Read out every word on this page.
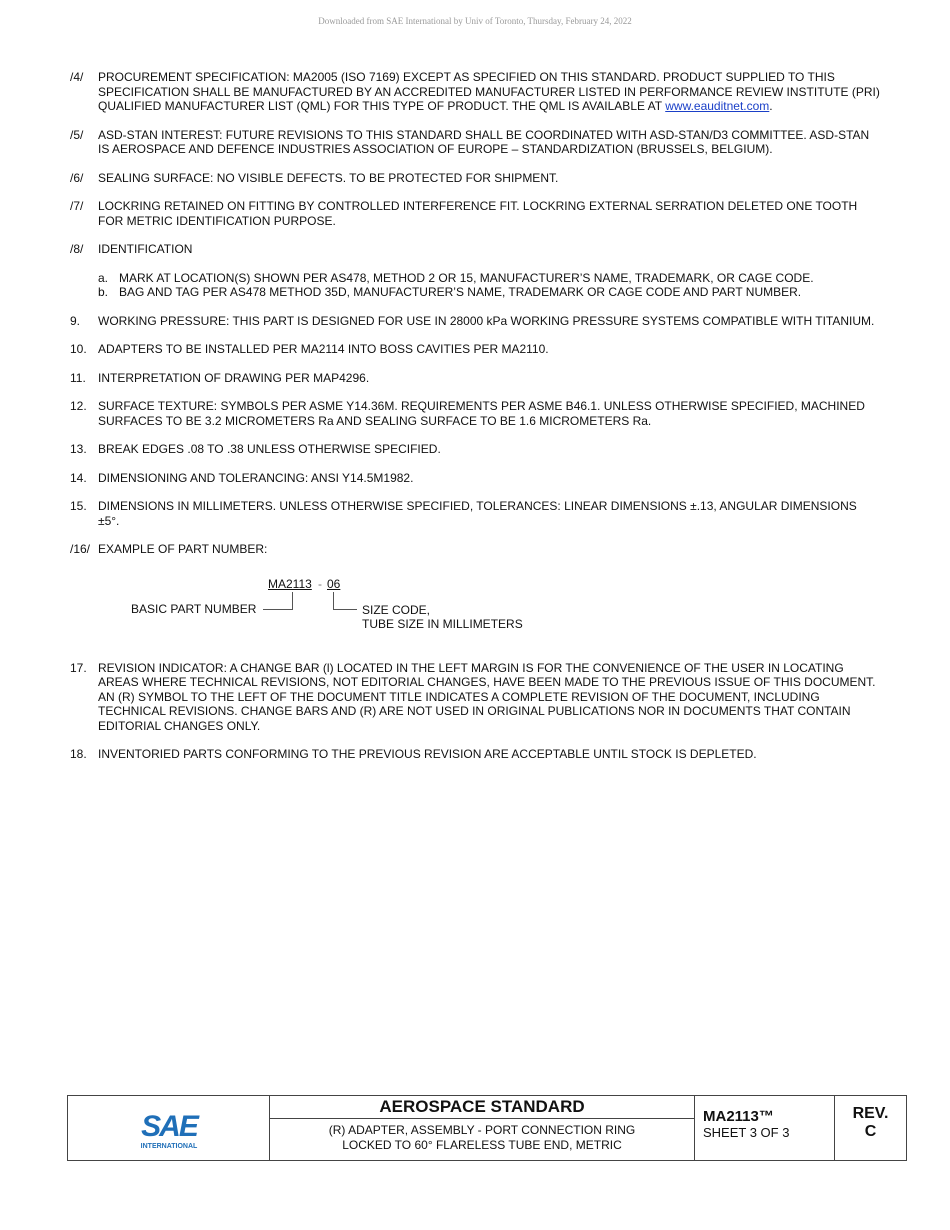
Downloaded from SAE International by Univ of Toronto, Thursday, February 24, 2022
/4/	PROCUREMENT SPECIFICATION: MA2005 (ISO 7169) EXCEPT AS SPECIFIED ON THIS STANDARD. PRODUCT SUPPLIED TO THIS SPECIFICATION SHALL BE MANUFACTURED BY AN ACCREDITED MANUFACTURER LISTED IN PERFORMANCE REVIEW INSTITUTE (PRI) QUALIFIED MANUFACTURER LIST (QML) FOR THIS TYPE OF PRODUCT. THE QML IS AVAILABLE AT www.eauditnet.com.
/5/	ASD-STAN INTEREST: FUTURE REVISIONS TO THIS STANDARD SHALL BE COORDINATED WITH ASD-STAN/D3 COMMITTEE. ASD-STAN IS AEROSPACE AND DEFENCE INDUSTRIES ASSOCIATION OF EUROPE – STANDARDIZATION (BRUSSELS, BELGIUM).
/6/	SEALING SURFACE: NO VISIBLE DEFECTS. TO BE PROTECTED FOR SHIPMENT.
/7/	LOCKRING RETAINED ON FITTING BY CONTROLLED INTERFERENCE FIT. LOCKRING EXTERNAL SERRATION DELETED ONE TOOTH FOR METRIC IDENTIFICATION PURPOSE.
/8/	IDENTIFICATION
a. MARK AT LOCATION(S) SHOWN PER AS478, METHOD 2 OR 15, MANUFACTURER’S NAME, TRADEMARK, OR CAGE CODE.
b. BAG AND TAG PER AS478 METHOD 35D, MANUFACTURER’S NAME, TRADEMARK OR CAGE CODE AND PART NUMBER.
9.	WORKING PRESSURE: THIS PART IS DESIGNED FOR USE IN 28000 kPa WORKING PRESSURE SYSTEMS COMPATIBLE WITH TITANIUM.
10. ADAPTERS TO BE INSTALLED PER MA2114 INTO BOSS CAVITIES PER MA2110.
11.	INTERPRETATION OF DRAWING PER MAP4296.
12. SURFACE TEXTURE: SYMBOLS PER ASME Y14.36M. REQUIREMENTS PER ASME B46.1. UNLESS OTHERWISE SPECIFIED, MACHINED SURFACES TO BE 3.2 MICROMETERS Ra AND SEALING SURFACE TO BE 1.6 MICROMETERS Ra.
13. BREAK EDGES .08 TO .38 UNLESS OTHERWISE SPECIFIED.
14. DIMENSIONING AND TOLERANCING: ANSI Y14.5M1982.
15. DIMENSIONS IN MILLIMETERS. UNLESS OTHERWISE SPECIFIED, TOLERANCES: LINEAR DIMENSIONS ±.13, ANGULAR DIMENSIONS ±5°.
/16/ EXAMPLE OF PART NUMBER:
MA2113 - 06
BASIC PART NUMBER	SIZE CODE,
TUBE SIZE IN MILLIMETERS
17. REVISION INDICATOR: A CHANGE BAR (l) LOCATED IN THE LEFT MARGIN IS FOR THE CONVENIENCE OF THE USER IN LOCATING AREAS WHERE TECHNICAL REVISIONS, NOT EDITORIAL CHANGES, HAVE BEEN MADE TO THE PREVIOUS ISSUE OF THIS DOCUMENT. AN (R) SYMBOL TO THE LEFT OF THE DOCUMENT TITLE INDICATES A COMPLETE REVISION OF THE DOCUMENT, INCLUDING TECHNICAL REVISIONS. CHANGE BARS AND (R) ARE NOT USED IN ORIGINAL PUBLICATIONS NOR IN DOCUMENTS THAT CONTAIN EDITORIAL CHANGES ONLY.
18. INVENTORIED PARTS CONFORMING TO THE PREVIOUS REVISION ARE ACCEPTABLE UNTIL STOCK IS DEPLETED.
SAE
INTERNATIONAL
AEROSPACE STANDARD
(R) ADAPTER, ASSEMBLY - PORT CONNECTION RING
LOCKED TO 60° FLARELESS TUBE END, METRIC
MA2113™
SHEET 3 OF 3
REV.
C
